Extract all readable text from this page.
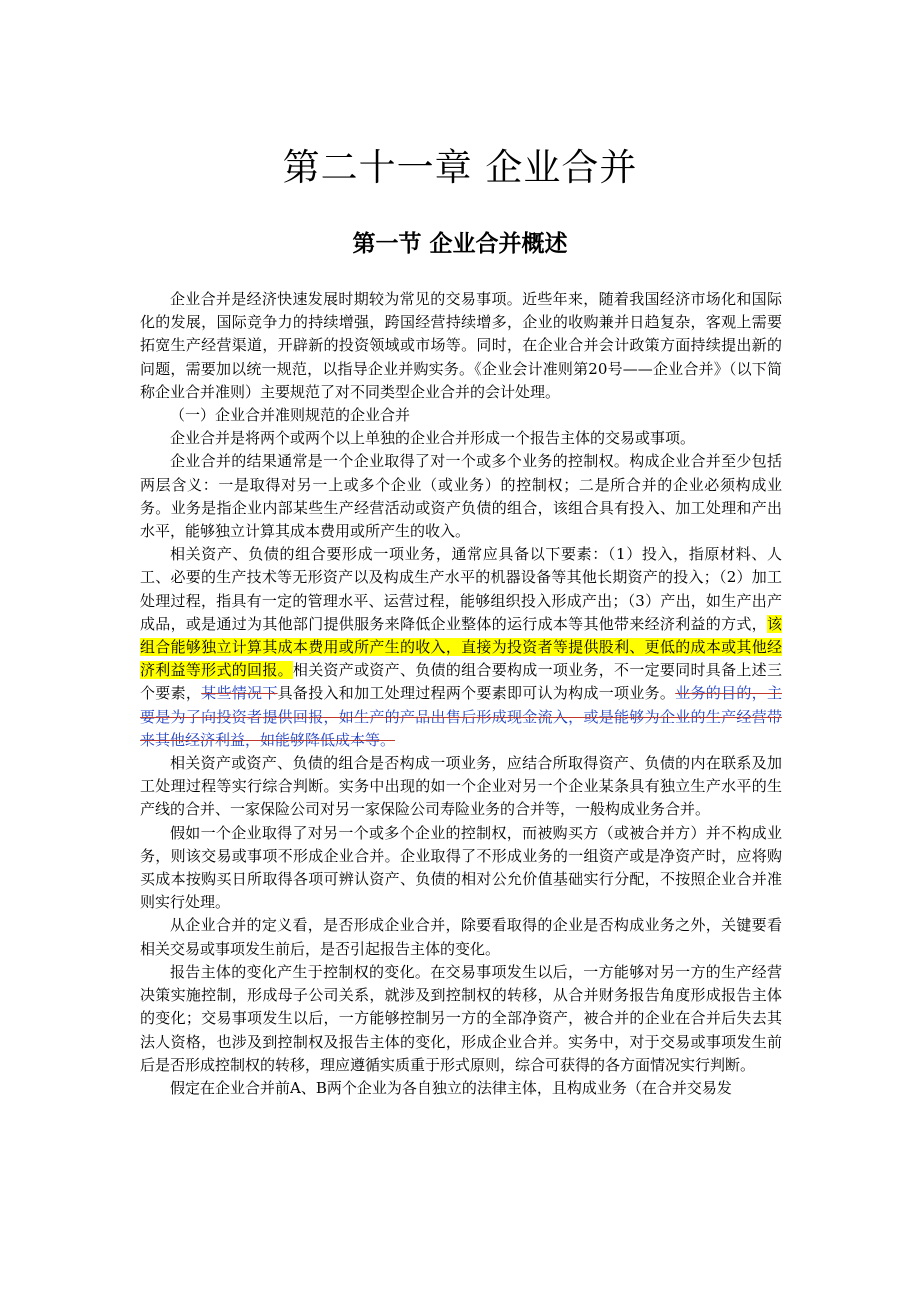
第二十一章 企业合并
第一节 企业合并概述

企业合并是经济快速发展时期较为常见的交易事项。近些年来，随着我国经济市场化和国际化的发展，国际竞争力的持续增强，跨国经营持续增多，企业的收购兼并日趋复杂，客观上需要拓宽生产经营渠道，开辟新的投资领域或市场等。同时，在企业合并会计政策方面持续提出新的问题，需要加以统一规范，以指导企业并购实务。《企业会计准则第20号——企业合并》（以下简称企业合并准则）主要规范了对不同类型企业合并的会计处理。

（一）企业合并准则规范的企业合并

企业合并是将两个或两个以上单独的企业合并形成一个报告主体的交易或事项。

企业合并的结果通常是一个企业取得了对一个或多个业务的控制权。构成企业合并至少包括两层含义：一是取得对另一上或多个企业（或业务）的控制权；二是所合并的企业必须构成业务。业务是指企业内部某些生产经营活动或资产负债的组合，该组合具有投入、加工处理和产出水平，能够独立计算其成本费用或所产生的收入。

相关资产、负债的组合要形成一项业务，通常应具备以下要素：（1）投入，指原材料、人工、必要的生产技术等无形资产以及构成生产水平的机器设备等其他长期资产的投入；（2）加工处理过程，指具有一定的管理水平、运营过程，能够组织投入形成产出；（3）产出，如生产出产成品，或是通过为其他部门提供服务来降低企业整体的运行成本等其他带来经济利益的方式，该组合能够独立计算其成本费用或所产生的收入，直接为投资者等提供股利、更低的成本或其他经济利益等形式的回报。相关资产或资产、负债的组合要构成一项业务，不一定要同时具备上述三个要素，某些情况下具备投入和加工处理过程两个要素即可认为构成一项业务。业务的目的，主要是为了向投资者提供回报，如生产的产品出售后形成现金流入，或是能够为企业的生产经营带来其他经济利益，如能够降低成本等。

相关资产或资产、负债的组合是否构成一项业务，应结合所取得资产、负债的内在联系及加工处理过程等实行综合判断。实务中出现的如一个企业对另一个企业某条具有独立生产水平的生产线的合并、一家保险公司对另一家保险公司寿险业务的合并等，一般构成业务合并。

假如一个企业取得了对另一个或多个企业的控制权，而被购买方（或被合并方）并不构成业务，则该交易或事项不形成企业合并。企业取得了不形成业务的一组资产或是净资产时，应将购买成本按购买日所取得各项可辨认资产、负债的相对公允价值基础实行分配，不按照企业合并准则实行处理。

从企业合并的定义看，是否形成企业合并，除要看取得的企业是否构成业务之外，关键要看相关交易或事项发生前后，是否引起报告主体的变化。

报告主体的变化产生于控制权的变化。在交易事项发生以后，一方能够对另一方的生产经营决策实施控制，形成母子公司关系，就涉及到控制权的转移，从合并财务报告角度形成报告主体的变化；交易事项发生以后，一方能够控制另一方的全部净资产，被合并的企业在合并后失去其法人资格，也涉及到控制权及报告主体的变化，形成企业合并。实务中，对于交易或事项发生前后是否形成控制权的转移，理应遵循实质重于形式原则，综合可获得的各方面情况实行判断。

假定在企业合并前A、B两个企业为各自独立的法律主体，且构成业务（在合并交易发
